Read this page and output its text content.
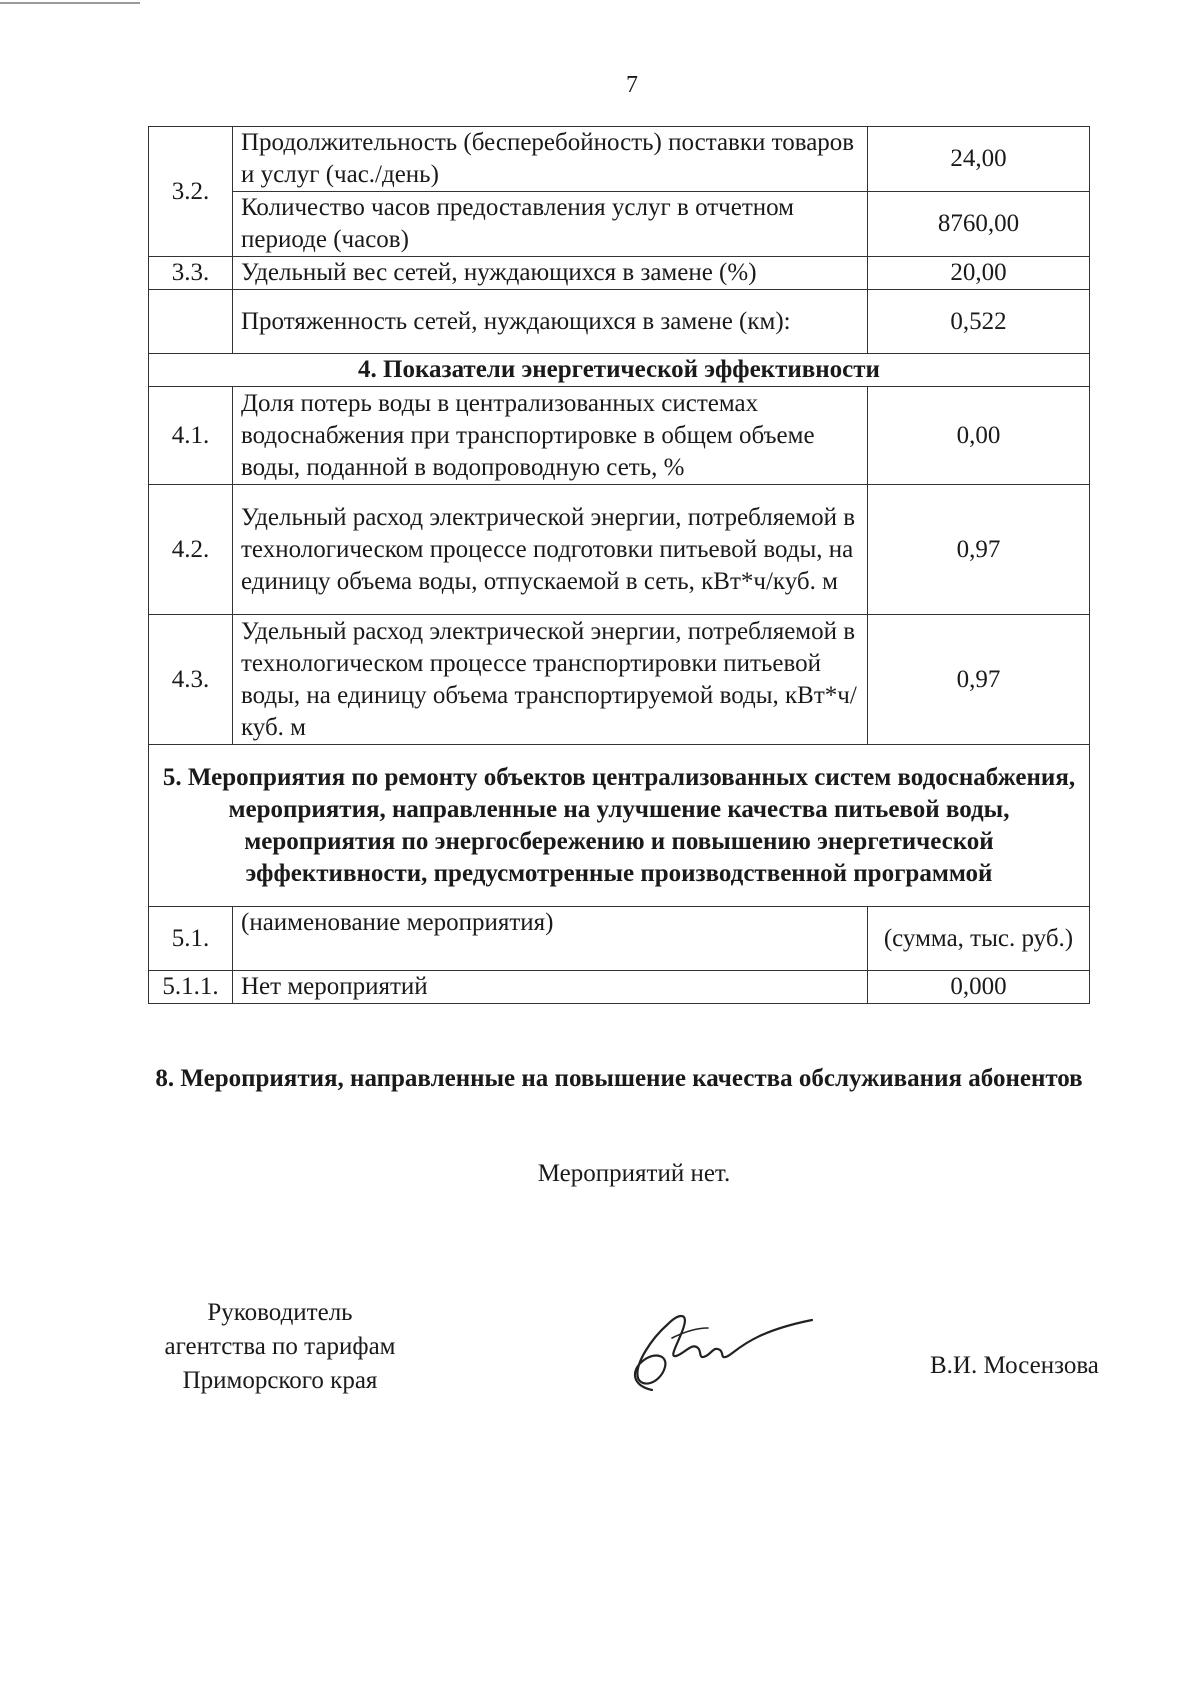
7
3.2.	Продолжительность (бесперебойность) поставки товаров и услуг (час./день)	24,00
	Количество часов предоставления услуг в отчетном периоде (часов)	8760,00
3.3.	Удельный вес сетей, нуждающихся в замене (%)	20,00
	Протяженность сетей, нуждающихся в замене (км):	0,522
4. Показатели энергетической эффективности		
4.1.	Доля потерь воды в централизованных системах водоснабжения при транспортировке в общем объеме воды, поданной в водопроводную сеть, %	0,00
4.2.	Удельный расход электрической энергии, потребляемой в технологическом процессе подготовки питьевой воды, на единицу объема воды, отпускаемой в сеть, кВт*ч/куб. м	0,97
4.3.	Удельный расход электрической энергии, потребляемой в технологическом процессе транспортировки питьевой воды, на единицу объема транспортируемой воды, кВт*ч/куб. м	0,97
5. Мероприятия по ремонту объектов централизованных систем водоснабжения, мероприятия, направленные на улучшение качества питьевой воды, мероприятия по энергосбережению и повышению энергетической эффективности, предусмотренные производственной программой		
5.1.	(наименование мероприятия)	(сумма, тыс. руб.)
5.1.1.	Нет мероприятий	0,000
8. Мероприятия, направленные на повышение качества обслуживания абонентов
Мероприятий нет.
Руководитель
агентства по тарифам
Приморского края
В.И. Мосензова
